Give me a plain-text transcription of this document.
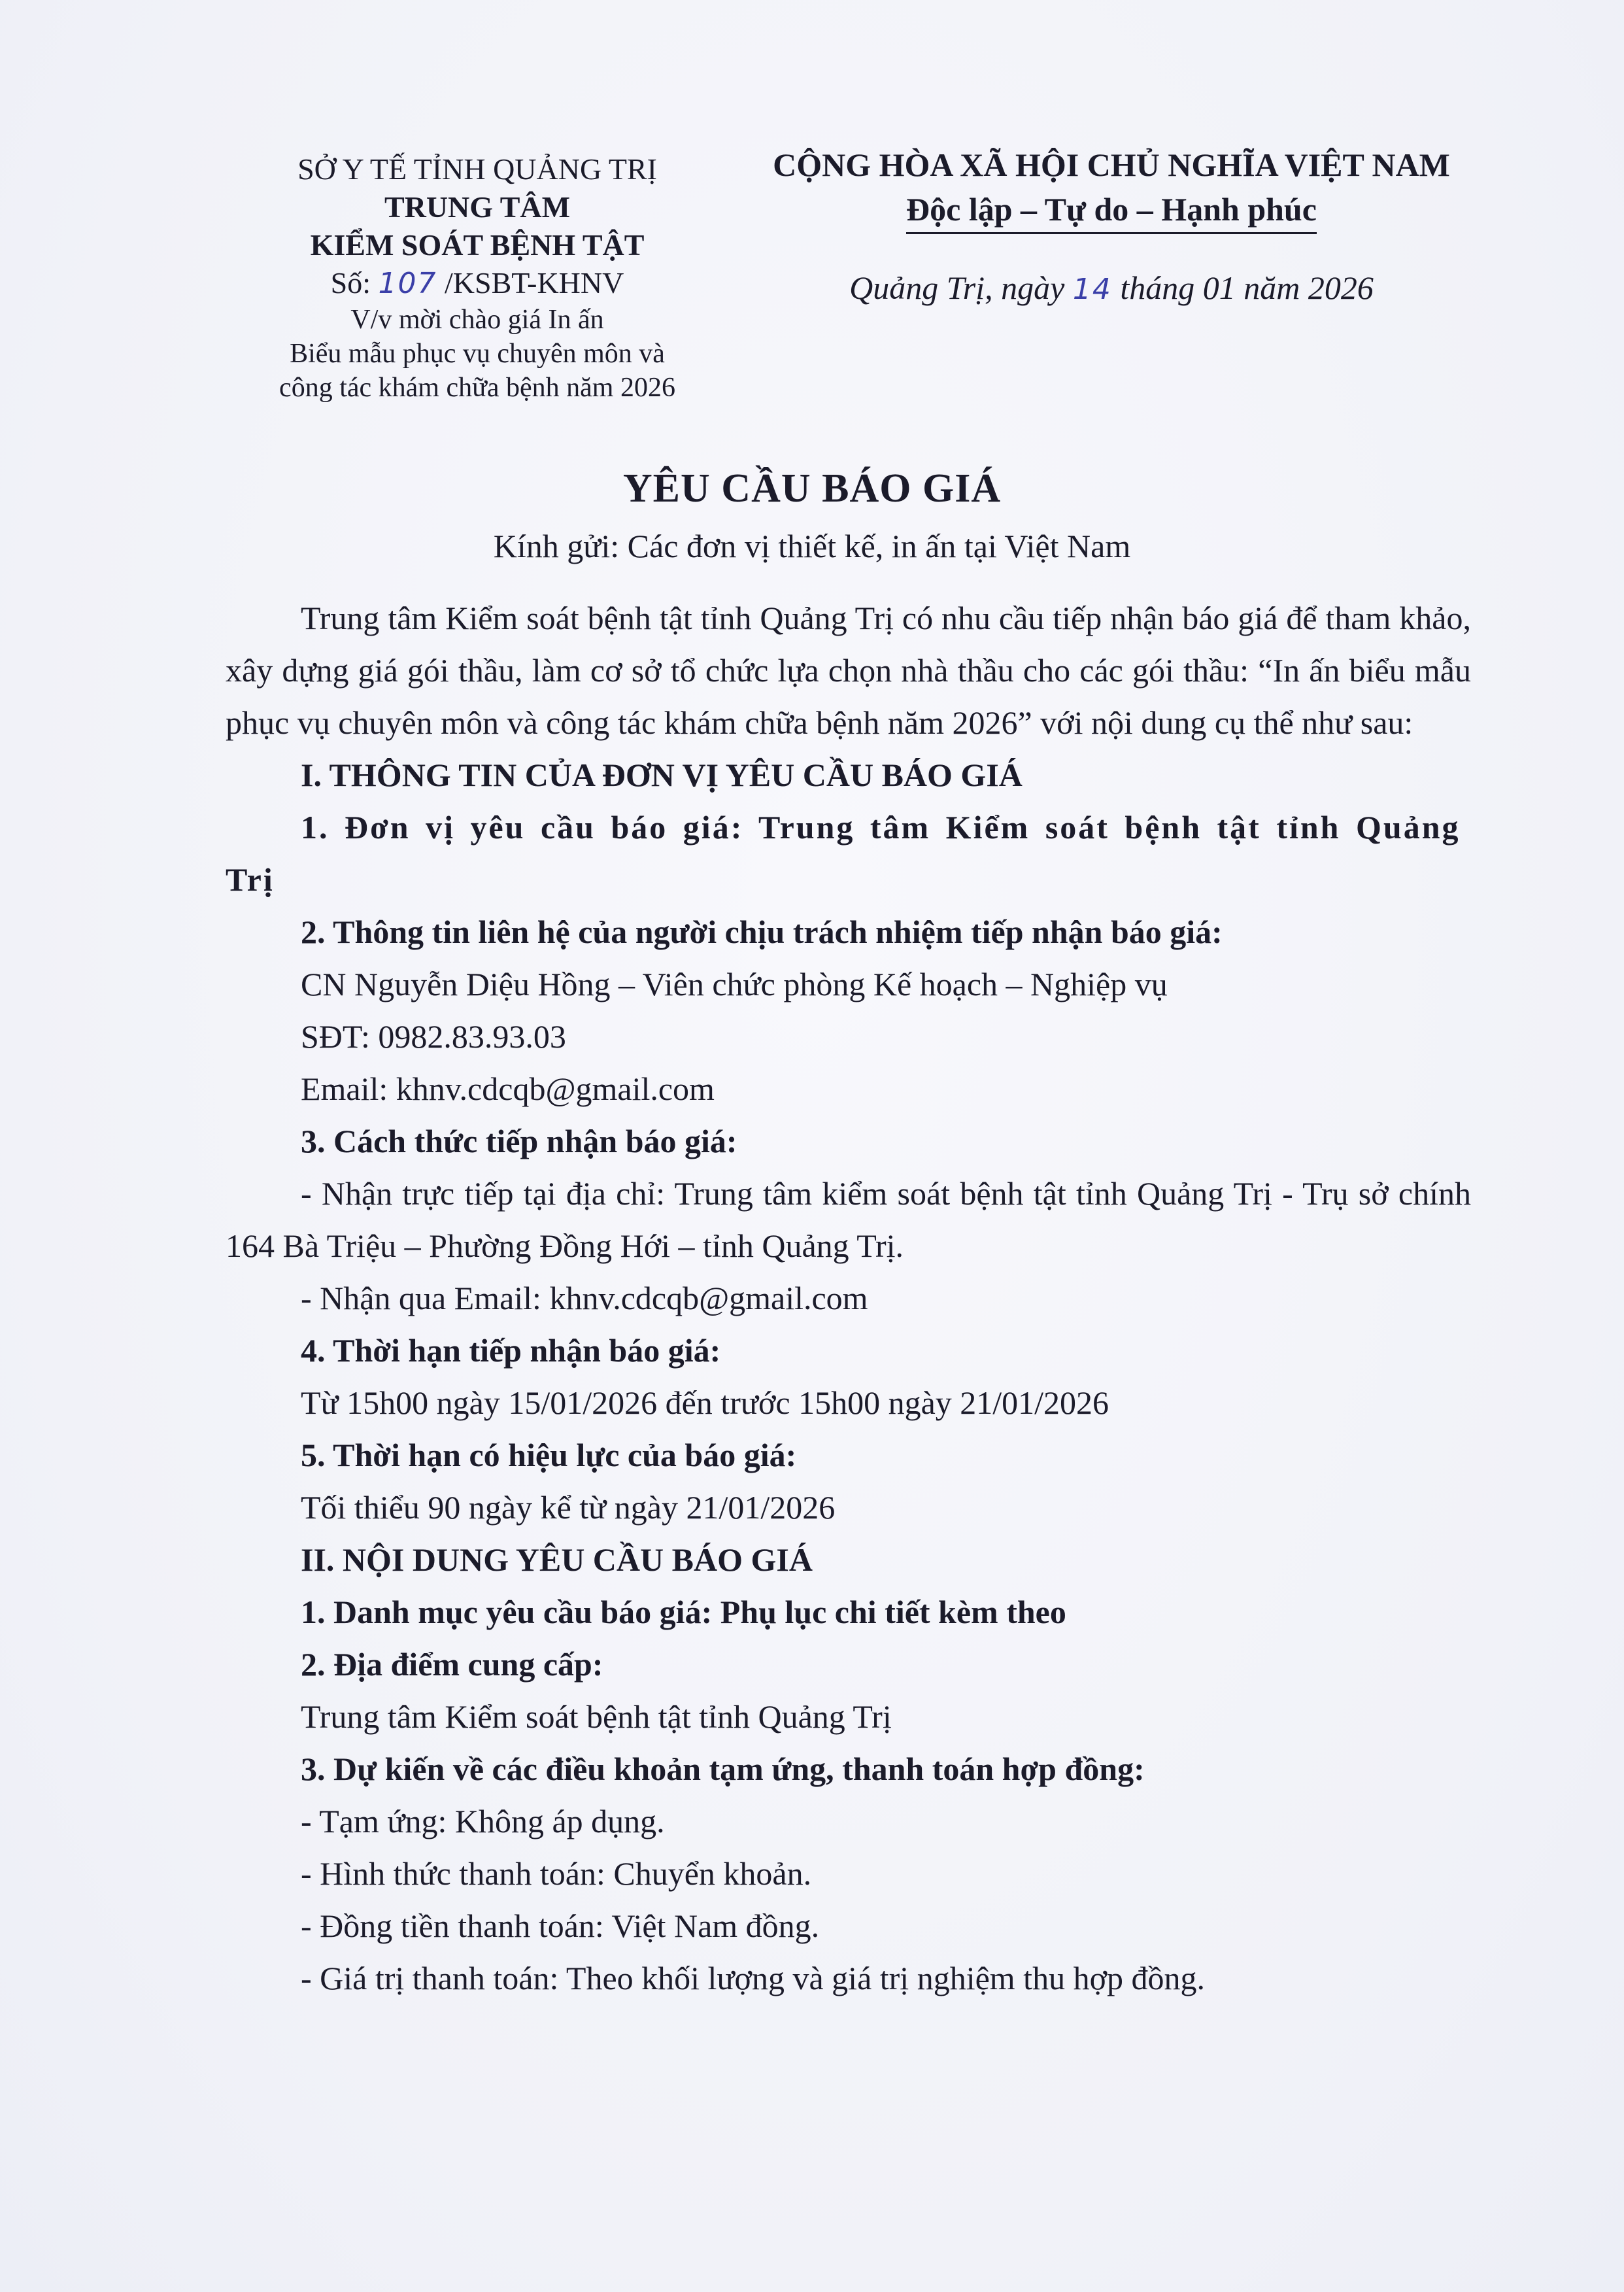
SỞ Y TẾ TỈNH QUẢNG TRỊ
TRUNG TÂM
KIỂM SOÁT BỆNH TẬT
Số: 107 /KSBT-KHNV
V/v mời chào giá In ấn
Biểu mẫu phục vụ chuyên môn và
công tác khám chữa bệnh năm 2026
CỘNG HÒA XÃ HỘI CHỦ NGHĨA VIỆT NAM
Độc lập – Tự do – Hạnh phúc
Quảng Trị, ngày 14 tháng 01 năm 2026
YÊU CẦU BÁO GIÁ
Kính gửi: Các đơn vị thiết kế, in ấn tại Việt Nam

Trung tâm Kiểm soát bệnh tật tỉnh Quảng Trị có nhu cầu tiếp nhận báo giá để tham khảo, xây dựng giá gói thầu, làm cơ sở tổ chức lựa chọn nhà thầu cho các gói thầu: “In ấn biểu mẫu phục vụ chuyên môn và công tác khám chữa bệnh năm 2026” với nội dung cụ thể như sau:

I. THÔNG TIN CỦA ĐƠN VỊ YÊU CẦU BÁO GIÁ

1. Đơn vị yêu cầu báo giá: Trung tâm Kiểm soát bệnh tật tỉnh Quảng Trị

2. Thông tin liên hệ của người chịu trách nhiệm tiếp nhận báo giá:

CN Nguyễn Diệu Hồng – Viên chức phòng Kế hoạch – Nghiệp vụ

SĐT: 0982.83.93.03

Email: khnv.cdcqb@gmail.com

3. Cách thức tiếp nhận báo giá:

- Nhận trực tiếp tại địa chỉ: Trung tâm kiểm soát bệnh tật tỉnh Quảng Trị - Trụ sở chính 164 Bà Triệu – Phường Đồng Hới – tỉnh Quảng Trị.

- Nhận qua Email: khnv.cdcqb@gmail.com

4. Thời hạn tiếp nhận báo giá:

Từ 15h00 ngày 15/01/2026 đến trước 15h00 ngày 21/01/2026

5. Thời hạn có hiệu lực của báo giá:

Tối thiểu 90 ngày kể từ ngày 21/01/2026

II. NỘI DUNG YÊU CẦU BÁO GIÁ

1. Danh mục yêu cầu báo giá: Phụ lục chi tiết kèm theo

2. Địa điểm cung cấp:

Trung tâm Kiểm soát bệnh tật tỉnh Quảng Trị

3. Dự kiến về các điều khoản tạm ứng, thanh toán hợp đồng:

- Tạm ứng: Không áp dụng.

- Hình thức thanh toán: Chuyển khoản.

- Đồng tiền thanh toán: Việt Nam đồng.

- Giá trị thanh toán: Theo khối lượng và giá trị nghiệm thu hợp đồng.
